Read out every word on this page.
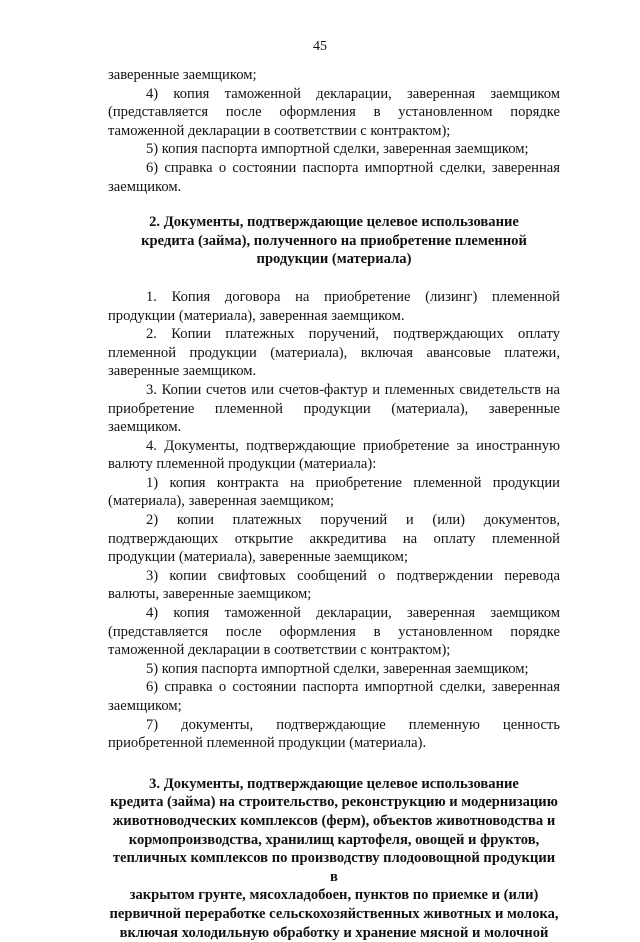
45

заверенные заемщиком;

4) копия таможенной декларации, заверенная заемщиком (представляется после оформления в установленном порядке таможенной декларации в соответствии с контрактом);

5) копия паспорта импортной сделки, заверенная заемщиком;

6) справка о состоянии паспорта импортной сделки, заверенная заемщиком.

2. Документы, подтверждающие целевое использование
кредита (займа), полученного на приобретение племенной
продукции (материала)

1. Копия договора на приобретение (лизинг) племенной продукции (материала), заверенная заемщиком.

2. Копии платежных поручений, подтверждающих оплату племенной продукции (материала), включая авансовые платежи, заверенные заемщиком.

3. Копии счетов или счетов-фактур и племенных свидетельств на приобретение племенной продукции (материала), заверенные заемщиком.

4. Документы, подтверждающие приобретение за иностранную валюту племенной продукции (материала):

1) копия контракта на приобретение племенной продукции (материала), заверенная заемщиком;

2) копии платежных поручений и (или) документов, подтверждающих открытие аккредитива на оплату племенной продукции (материала), заверенные заемщиком;

3) копии свифтовых сообщений о подтверждении перевода валюты, заверенные заемщиком;

4) копия таможенной декларации, заверенная заемщиком (представляется после оформления в установленном порядке таможенной декларации в соответствии с контрактом);

5) копия паспорта импортной сделки, заверенная заемщиком;

6) справка о состоянии паспорта импортной сделки, заверенная заемщиком;

7) документы, подтверждающие племенную ценность приобретенной племенной продукции (материала).

3. Документы, подтверждающие целевое использование
кредита (займа) на строительство, реконструкцию и модернизацию
животноводческих комплексов (ферм), объектов животноводства и
кормопроизводства, хранилищ картофеля, овощей и фруктов,
тепличных комплексов по производству плодоовощной продукции в
закрытом грунте, мясохладобоен, пунктов по приемке и (или)
первичной переработке сельскохозяйственных животных и молока,
включая холодильную обработку и хранение мясной и молочной
